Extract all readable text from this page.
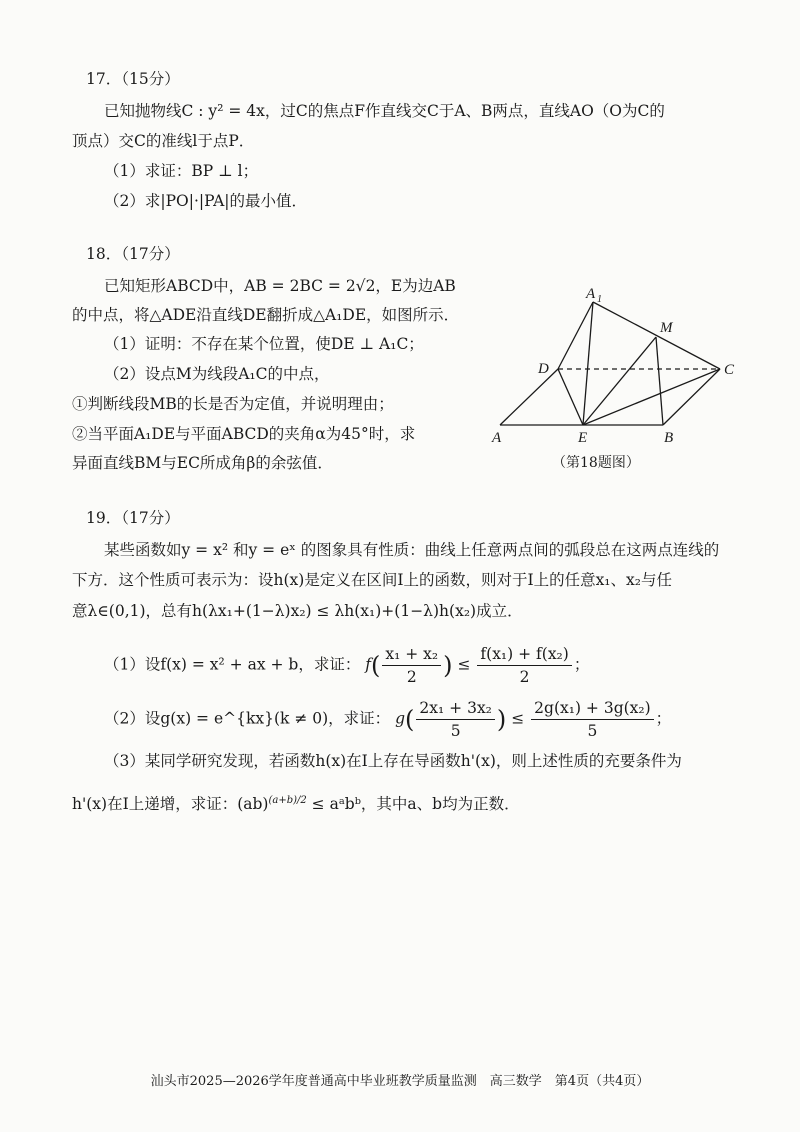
17．（15分）
已知抛物线C : y² = 4x，过C的焦点F作直线交C于A、B两点，直线AO（O为C的
顶点）交C的准线l于点P．
（1）求证：BP ⊥ l；
（2）求|PO|·|PA|的最小值．
18．（17分）
已知矩形ABCD中，AB = 2BC = 2√2，E为边AB
的中点，将△ADE沿直线DE翻折成△A₁DE，如图所示．
（1）证明：不存在某个位置，使DE ⊥ A₁C；
（2）设点M为线段A₁C的中点，
①判断线段MB的长是否为定值，并说明理由；
②当平面A₁DE与平面ABCD的夹角α为45°时，求
异面直线BM与EC所成角β的余弦值．
A 1
M
D	C
A	E	B
（第18题图）
19．（17分）
某些函数如y = x² 和y = eˣ 的图象具有性质：曲线上任意两点间的弧段总在这两点连线的
下方．这个性质可表示为：设h(x)是定义在区间I上的函数，则对于I上的任意x₁、x₂与任
意λ∈(0,1)，总有h(λx₁+(1−λ)x₂) ≤ λh(x₁)+(1−λ)h(x₂)成立．
（1）设f(x) = x² + ax + b，求证： $f( \frac{\text{x₁ + x₂}}{2}$ ) ≤ $\frac{\text{f(x₁) + f(x₂)}}{2}$ ；
（2）设g(x) = e^{kx}(k ≠ 0)，求证： $g( \frac{\text{2x₁ + 3x₂}}{5}$ ) ≤ $\frac{\text{2g(x₁) + 3g(x₂)}}{5}$ ；
（3）某同学研究发现，若函数h(x)在I上存在导函数h'(x)，则上述性质的充要条件为
h'(x)在I上递增，求证：(ab)$^{(a+b)/2}$ ≤ aᵃbᵇ，其中a、b均为正数．
汕头市2025—2026学年度普通高中毕业班教学质量监测　高三数学　第4页（共4页）
